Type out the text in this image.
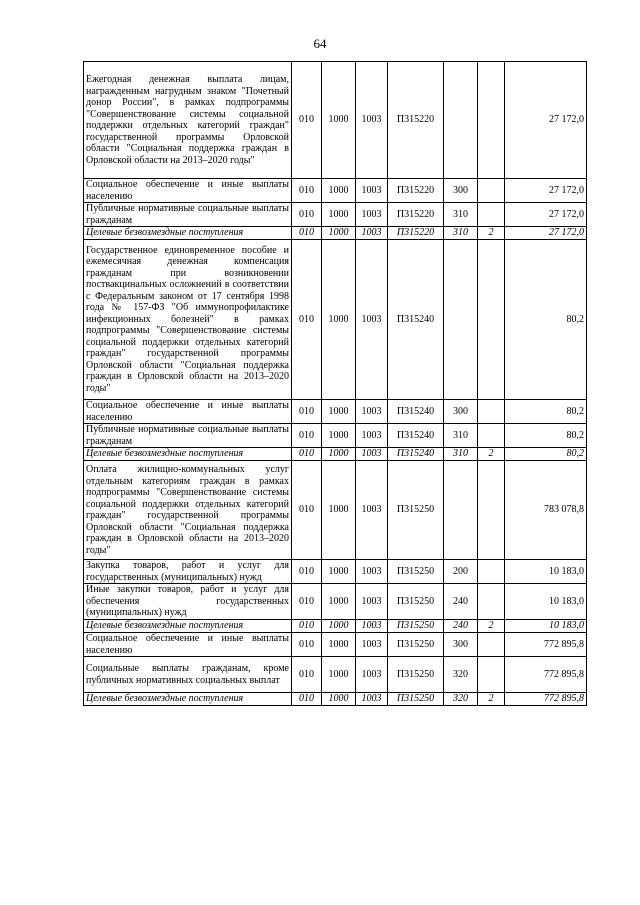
64
Ежегодная денежная выплата лицам, награжденным нагрудным знаком "Почетный донор России", в рамках подпрограммы "Совершенствование системы социальной поддержки отдельных категорий граждан" государственной программы Орловской области "Социальная поддержка граждан в Орловской области на 2013–2020 годы"	010	1000	1003	П315220			27 172,0
Социальное обеспечение и иные выплаты населению	010	1000	1003	П315220	300		27 172,0
Публичные нормативные социальные выплаты гражданам	010	1000	1003	П315220	310		27 172,0
Целевые безвозмездные поступления	010	1000	1003	П315220	310	2	27 172,0
Государственное единовременное пособие и ежемесячная денежная компенсация гражданам при возникновении поствакцинальных осложнений в соответствии с Федеральным законом от 17 сентября 1998 года № 157-ФЗ "Об иммунопрофилактике инфекционных болезней" в рамках подпрограммы "Совершенствование системы социальной поддержки отдельных категорий граждан" государственной программы Орловской области "Социальная поддержка граждан в Орловской области на 2013–2020 годы"	010	1000	1003	П315240			80,2
Социальное обеспечение и иные выплаты населению	010	1000	1003	П315240	300		80,2
Публичные нормативные социальные выплаты гражданам	010	1000	1003	П315240	310		80,2
Целевые безвозмездные поступления	010	1000	1003	П315240	310	2	80,2
Оплата жилищно-коммунальных услуг отдельным категориям граждан в рамках подпрограммы "Совершенствование системы социальной поддержки отдельных категорий граждан" государственной программы Орловской области "Социальная поддержка граждан в Орловской области на 2013–2020 годы"	010	1000	1003	П315250			783 078,8
Закупка товаров, работ и услуг для государственных (муниципальных) нужд	010	1000	1003	П315250	200		10 183,0
Иные закупки товаров, работ и услуг для обеспечения государственных (муниципальных) нужд	010	1000	1003	П315250	240		10 183,0
Целевые безвозмездные поступления	010	1000	1003	П315250	240	2	10 183,0
Социальное обеспечение и иные выплаты населению	010	1000	1003	П315250	300		772 895,8
Социальные выплаты гражданам, кроме публичных нормативных социальных выплат	010	1000	1003	П315250	320		772 895,8
Целевые безвозмездные поступления	010	1000	1003	П315250	320	2	772 895,8
